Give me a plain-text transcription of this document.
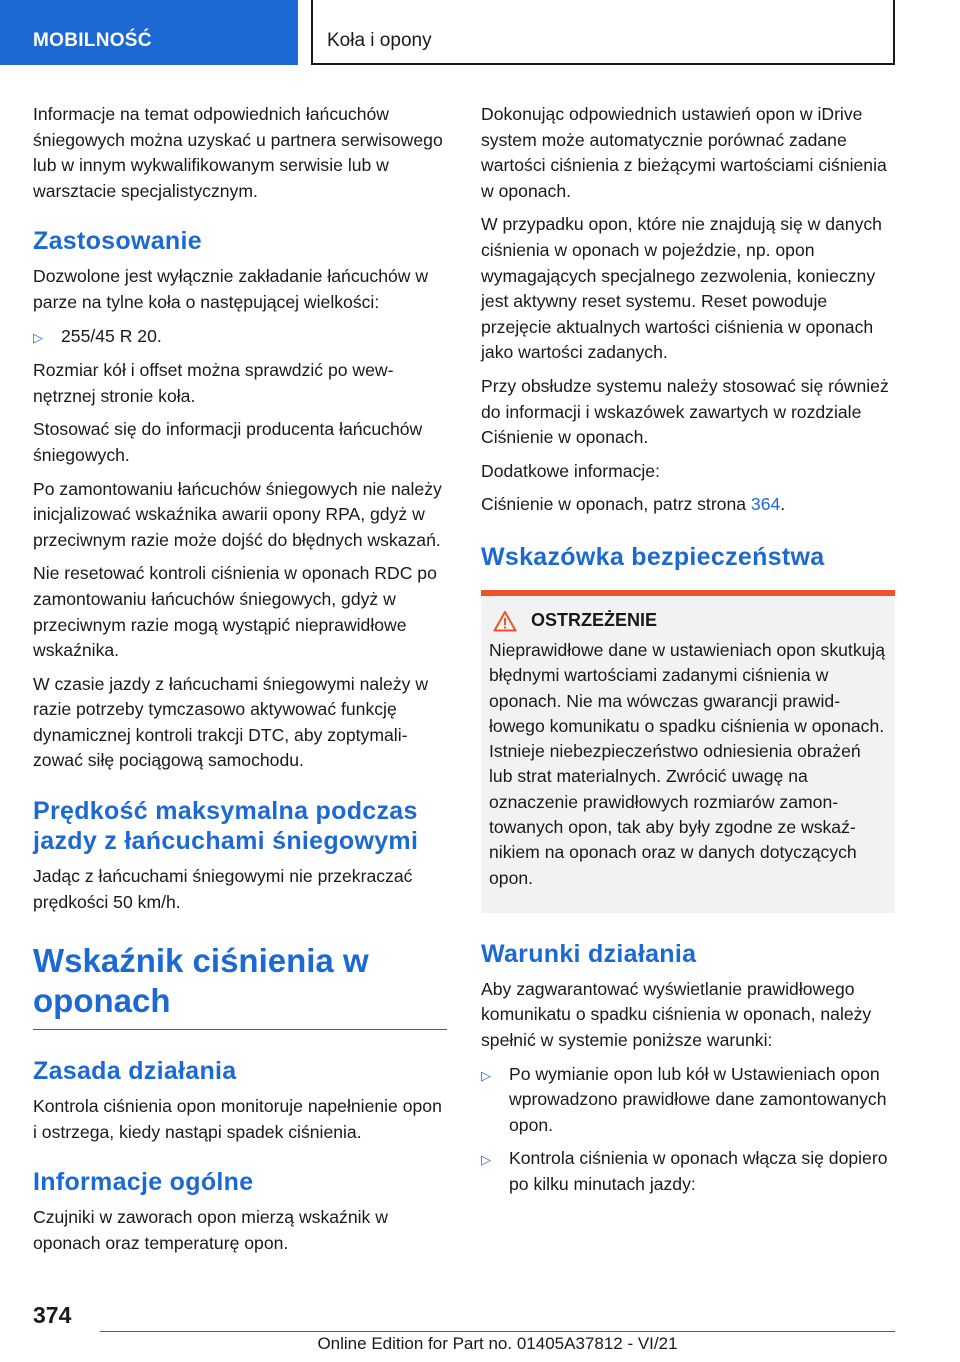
MOBILNOŚĆ	Koła i opony

Informacje na temat odpowiednich łańcuchów śniegowych można uzyskać u partnera serwisowego lub w innym wykwalifikowanym serwisie lub w warsztacie specjalistycznym.

Zastosowanie

Dozwolone jest wyłącznie zakładanie łańcuchów w parze na tylne koła o następującej wielkości:

▷	255/45 R 20.

Rozmiar kół i offset można sprawdzić po wewnętrznej stronie koła.

Stosować się do informacji producenta łańcuchów śniegowych.

Po zamontowaniu łańcuchów śniegowych nie należy inicjalizować wskaźnika awarii opony RPA, gdyż w przeciwnym razie może dojść do błędnych wskazań.

Nie resetować kontroli ciśnienia w oponach RDC po zamontowaniu łańcuchów śniegowych, gdyż w przeciwnym razie mogą wystąpić nieprawidłowe wskaźnika.

W czasie jazdy z łańcuchami śniegowymi należy w razie potrzeby tymczasowo aktywować funkcję dynamicznej kontroli trakcji DTC, aby zoptymalizować siłę pociągową samochodu.

Prędkość maksymalna podczas jazdy z łańcuchami śniegowymi

Jadąc z łańcuchami śniegowymi nie przekraczać prędkości 50 km/h.

Wskaźnik ciśnienia w oponach
Zasada działania

Kontrola ciśnienia opon monitoruje napełnienie opon i ostrzega, kiedy nastąpi spadek ciśnienia.

Informacje ogólne

Czujniki w zaworach opon mierzą wskaźnik w oponach oraz temperaturę opon.

Dokonując odpowiednich ustawień opon w iDrive system może automatycznie porównać zadane wartości ciśnienia z bieżącymi wartościami ciśnienia w oponach.

W przypadku opon, które nie znajdują się w danych ciśnienia w oponach w pojeździe, np. opon wymagających specjalnego zezwolenia, konieczny jest aktywny reset systemu. Reset powoduje przejęcie aktualnych wartości ciśnienia w oponach jako wartości zadanych.

Przy obsłudze systemu należy stosować się również do informacji i wskazówek zawartych w rozdziale Ciśnienie w oponach.

Dodatkowe informacje:

Ciśnienie w oponach, patrz strona 364.

Wskazówka bezpieczeństwa
OSTRZEŻENIE

Nieprawidłowe dane w ustawieniach opon skutkują błędnymi wartościami zadanymi ciśnienia w oponach. Nie ma wówczas gwarancji prawidłowego komunikatu o spadku ciśnienia w oponach. Istnieje niebezpieczeństwo odniesienia obrażeń lub strat materialnych. Zwrócić uwagę na oznaczenie prawidłowych rozmiarów zamontowanych opon, tak aby były zgodne ze wskaźnikiem na oponach oraz w danych dotyczących opon.

Warunki działania

Aby zagwarantować wyświetlanie prawidłowego komunikatu o spadku ciśnienia w oponach, należy spełnić w systemie poniższe warunki:

▷	Po wymianie opon lub kół w Ustawieniach opon wprowadzono prawidłowe dane zamontowanych opon.
▷	Kontrola ciśnienia w oponach włącza się dopiero po kilku minutach jazdy:
374
Online Edition for Part no. 01405A37812 - VI/21
